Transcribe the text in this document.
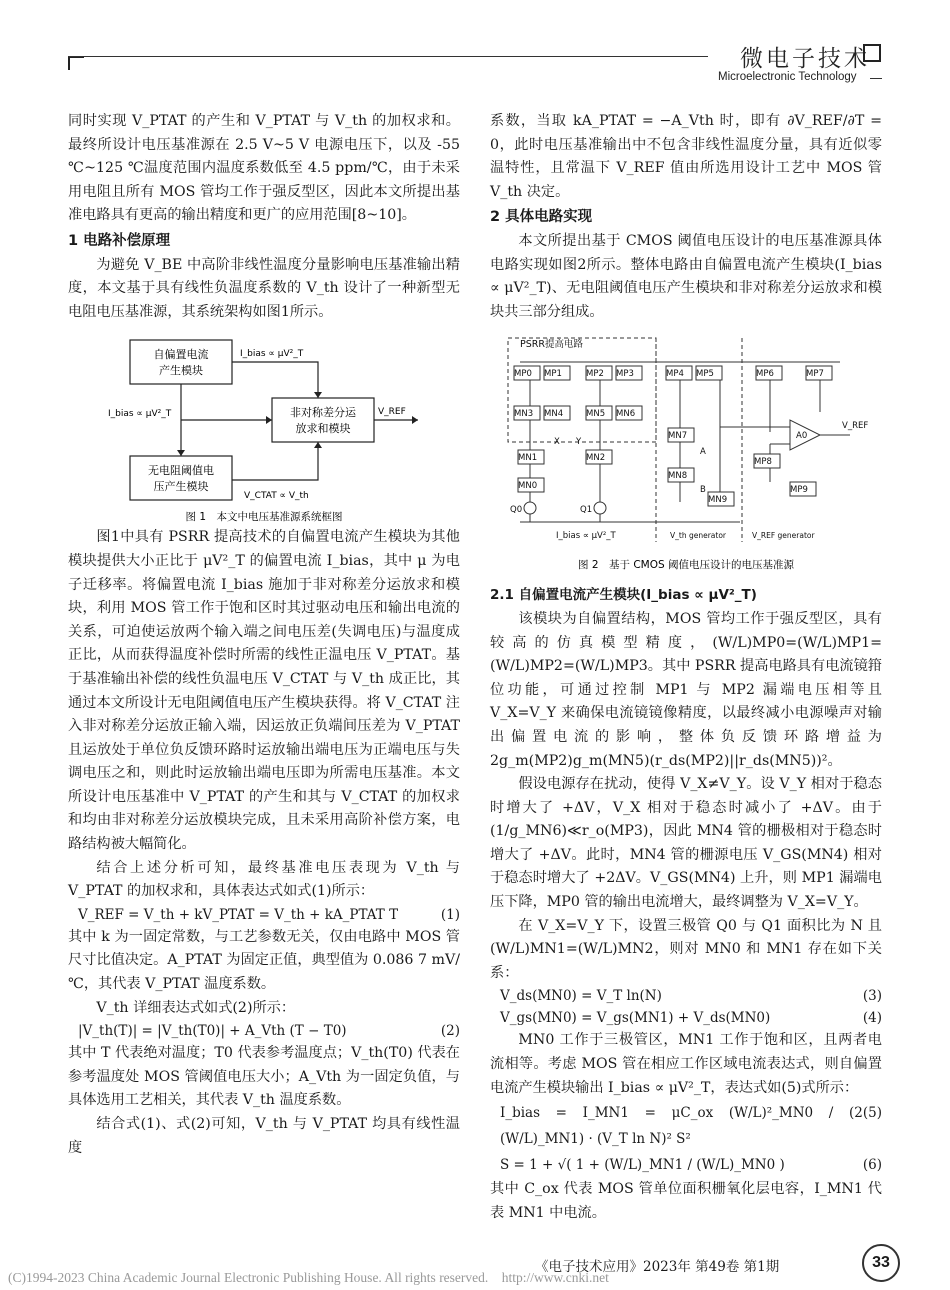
微电子技术
Microelectronic Technology

同时实现 V_PTAT 的产生和 V_PTAT 与 V_th 的加权求和。最终所设计电压基准源在 2.5 V~5 V 电源电压下，以及 -55 ℃~125 ℃温度范围内温度系数低至 4.5 ppm/℃，由于未采用电阻且所有 MOS 管均工作于强反型区，因此本文所提出基准电路具有更高的输出精度和更广的应用范围[8~10]。

1 电路补偿原理

为避免 V_BE 中高阶非线性温度分量影响电压基准输出精度，本文基于具有线性负温度系数的 V_th 设计了一种新型无电阻电压基准源，其系统架构如图1所示。

自偏置电流
产生模块
非对称差分运
放求和模块
无电阻阈值电
压产生模块
I_bias ∝ μV²_T
I_bias ∝ μV²_T	V_REF
V_CTAT ∝ V_th
图 1　本文中电压基准源系统框图

图1中具有 PSRR 提高技术的自偏置电流产生模块为其他模块提供大小正比于 μV²_T 的偏置电流 I_bias，其中 μ 为电子迁移率。将偏置电流 I_bias 施加于非对称差分运放求和模块，利用 MOS 管工作于饱和区时其过驱动电压和输出电流的关系，可迫使运放两个输入端之间电压差(失调电压)与温度成正比，从而获得温度补偿时所需的线性正温电压 V_PTAT。基于基准输出补偿的线性负温电压 V_CTAT 与 V_th 成正比，其通过本文所设计无电阻阈值电压产生模块获得。将 V_CTAT 注入非对称差分运放正输入端，因运放正负端间压差为 V_PTAT 且运放处于单位负反馈环路时运放输出端电压为正端电压与失调电压之和，则此时运放输出端电压即为所需电压基准。本文所设计电压基准中 V_PTAT 的产生和其与 V_CTAT 的加权求和均由非对称差分运放模块完成，且未采用高阶补偿方案，电路结构被大幅简化。

结合上述分析可知，最终基准电压表现为 V_th 与 V_PTAT 的加权求和，具体表达式如式(1)所示：

V_REF = V_th + kV_PTAT = V_th + kA_PTAT T	(1)

其中 k 为一固定常数，与工艺参数无关，仅由电路中 MOS 管尺寸比值决定。A_PTAT 为固定正值，典型值为 0.086 7 mV/℃，其代表 V_PTAT 温度系数。

V_th 详细表达式如式(2)所示：

|V_th(T)| = |V_th(T0)| + A_Vth (T − T0)	(2)

其中 T 代表绝对温度；T0 代表参考温度点；V_th(T0) 代表在参考温度处 MOS 管阈值电压大小；A_Vth 为一固定负值，与具体选用工艺相关，其代表 V_th 温度系数。

结合式(1)、式(2)可知，V_th 与 V_PTAT 均具有线性温度

系数，当取 kA_PTAT = −A_Vth 时，即有 ∂V_REF/∂T = 0，此时电压基准输出中不包含非线性温度分量，具有近似零温特性，且常温下 V_REF 值由所选用设计工艺中 MOS 管 V_th 决定。

2 具体电路实现

本文所提出基于 CMOS 阈值电压设计的电压基准源具体电路实现如图2所示。整体电路由自偏置电流产生模块(I_bias ∝ μV²_T)、无电阻阈值电压产生模块和非对称差分运放求和模块共三部分组成。

PSRR提高电路
MP0 MP1	MP2 MP3	MP4 MP5	MP6	MP7
MN3 MN4	MN5 MN6
MN1	MN2
MN0
MN7
MN8
MN9
MP8
MP9
Q0	Q1
X Y
A
B
A0
V_REF
I_bias ∝ μV²_T	V_th generator	V_REF generator
图 2　基于 CMOS 阈值电压设计的电压基准源
2.1 自偏置电流产生模块(I_bias ∝ μV²_T)

该模块为自偏置结构，MOS 管均工作于强反型区，具有较高的仿真模型精度，(W/L)MP0=(W/L)MP1=(W/L)MP2=(W/L)MP3。其中 PSRR 提高电路具有电流镜箝位功能，可通过控制 MP1 与 MP2 漏端电压相等且 V_X=V_Y 来确保电流镜镜像精度，以最终减小电源噪声对输出偏置电流的影响，整体负反馈环路增益为 2g_m(MP2)g_m(MN5)(r_ds(MP2)||r_ds(MN5))²。

假设电源存在扰动，使得 V_X≠V_Y。设 V_Y 相对于稳态时增大了 +ΔV，V_X 相对于稳态时减小了 +ΔV。由于(1/g_MN6)≪r_o(MP3)，因此 MN4 管的栅极相对于稳态时增大了 +ΔV。此时，MN4 管的栅源电压 V_GS(MN4) 相对于稳态时增大了 +2ΔV。V_GS(MN4) 上升，则 MP1 漏端电压下降，MP0 管的输出电流增大，最终调整为 V_X=V_Y。

在 V_X=V_Y 下，设置三极管 Q0 与 Q1 面积比为 N 且(W/L)MN1=(W/L)MN2，则对 MN0 和 MN1 存在如下关系：

V_ds(MN0) = V_T ln(N)	(3)
V_gs(MN0) = V_gs(MN1) + V_ds(MN0)	(4)

MN0 工作于三极管区，MN1 工作于饱和区，且两者电流相等。考虑 MOS 管在相应工作区域电流表达式，则自偏置电流产生模块输出 I_bias ∝ μV²_T，表达式如(5)式所示：

I_bias = I_MN1 = μC_ox (W/L)²_MN0 / (2 (W/L)_MN1) · (V_T ln N)² S²
(5)
S = 1 + √( 1 + (W/L)_MN1 / (W/L)_MN0 )	(6)

其中 C_ox 代表 MOS 管单位面积栅氧化层电容，I_MN1 代表 MN1 中电流。

《电子技术应用》2023年 第49卷 第1期	33
(C)1994-2023 China Academic Journal Electronic Publishing House. All rights reserved.    http://www.cnki.net
